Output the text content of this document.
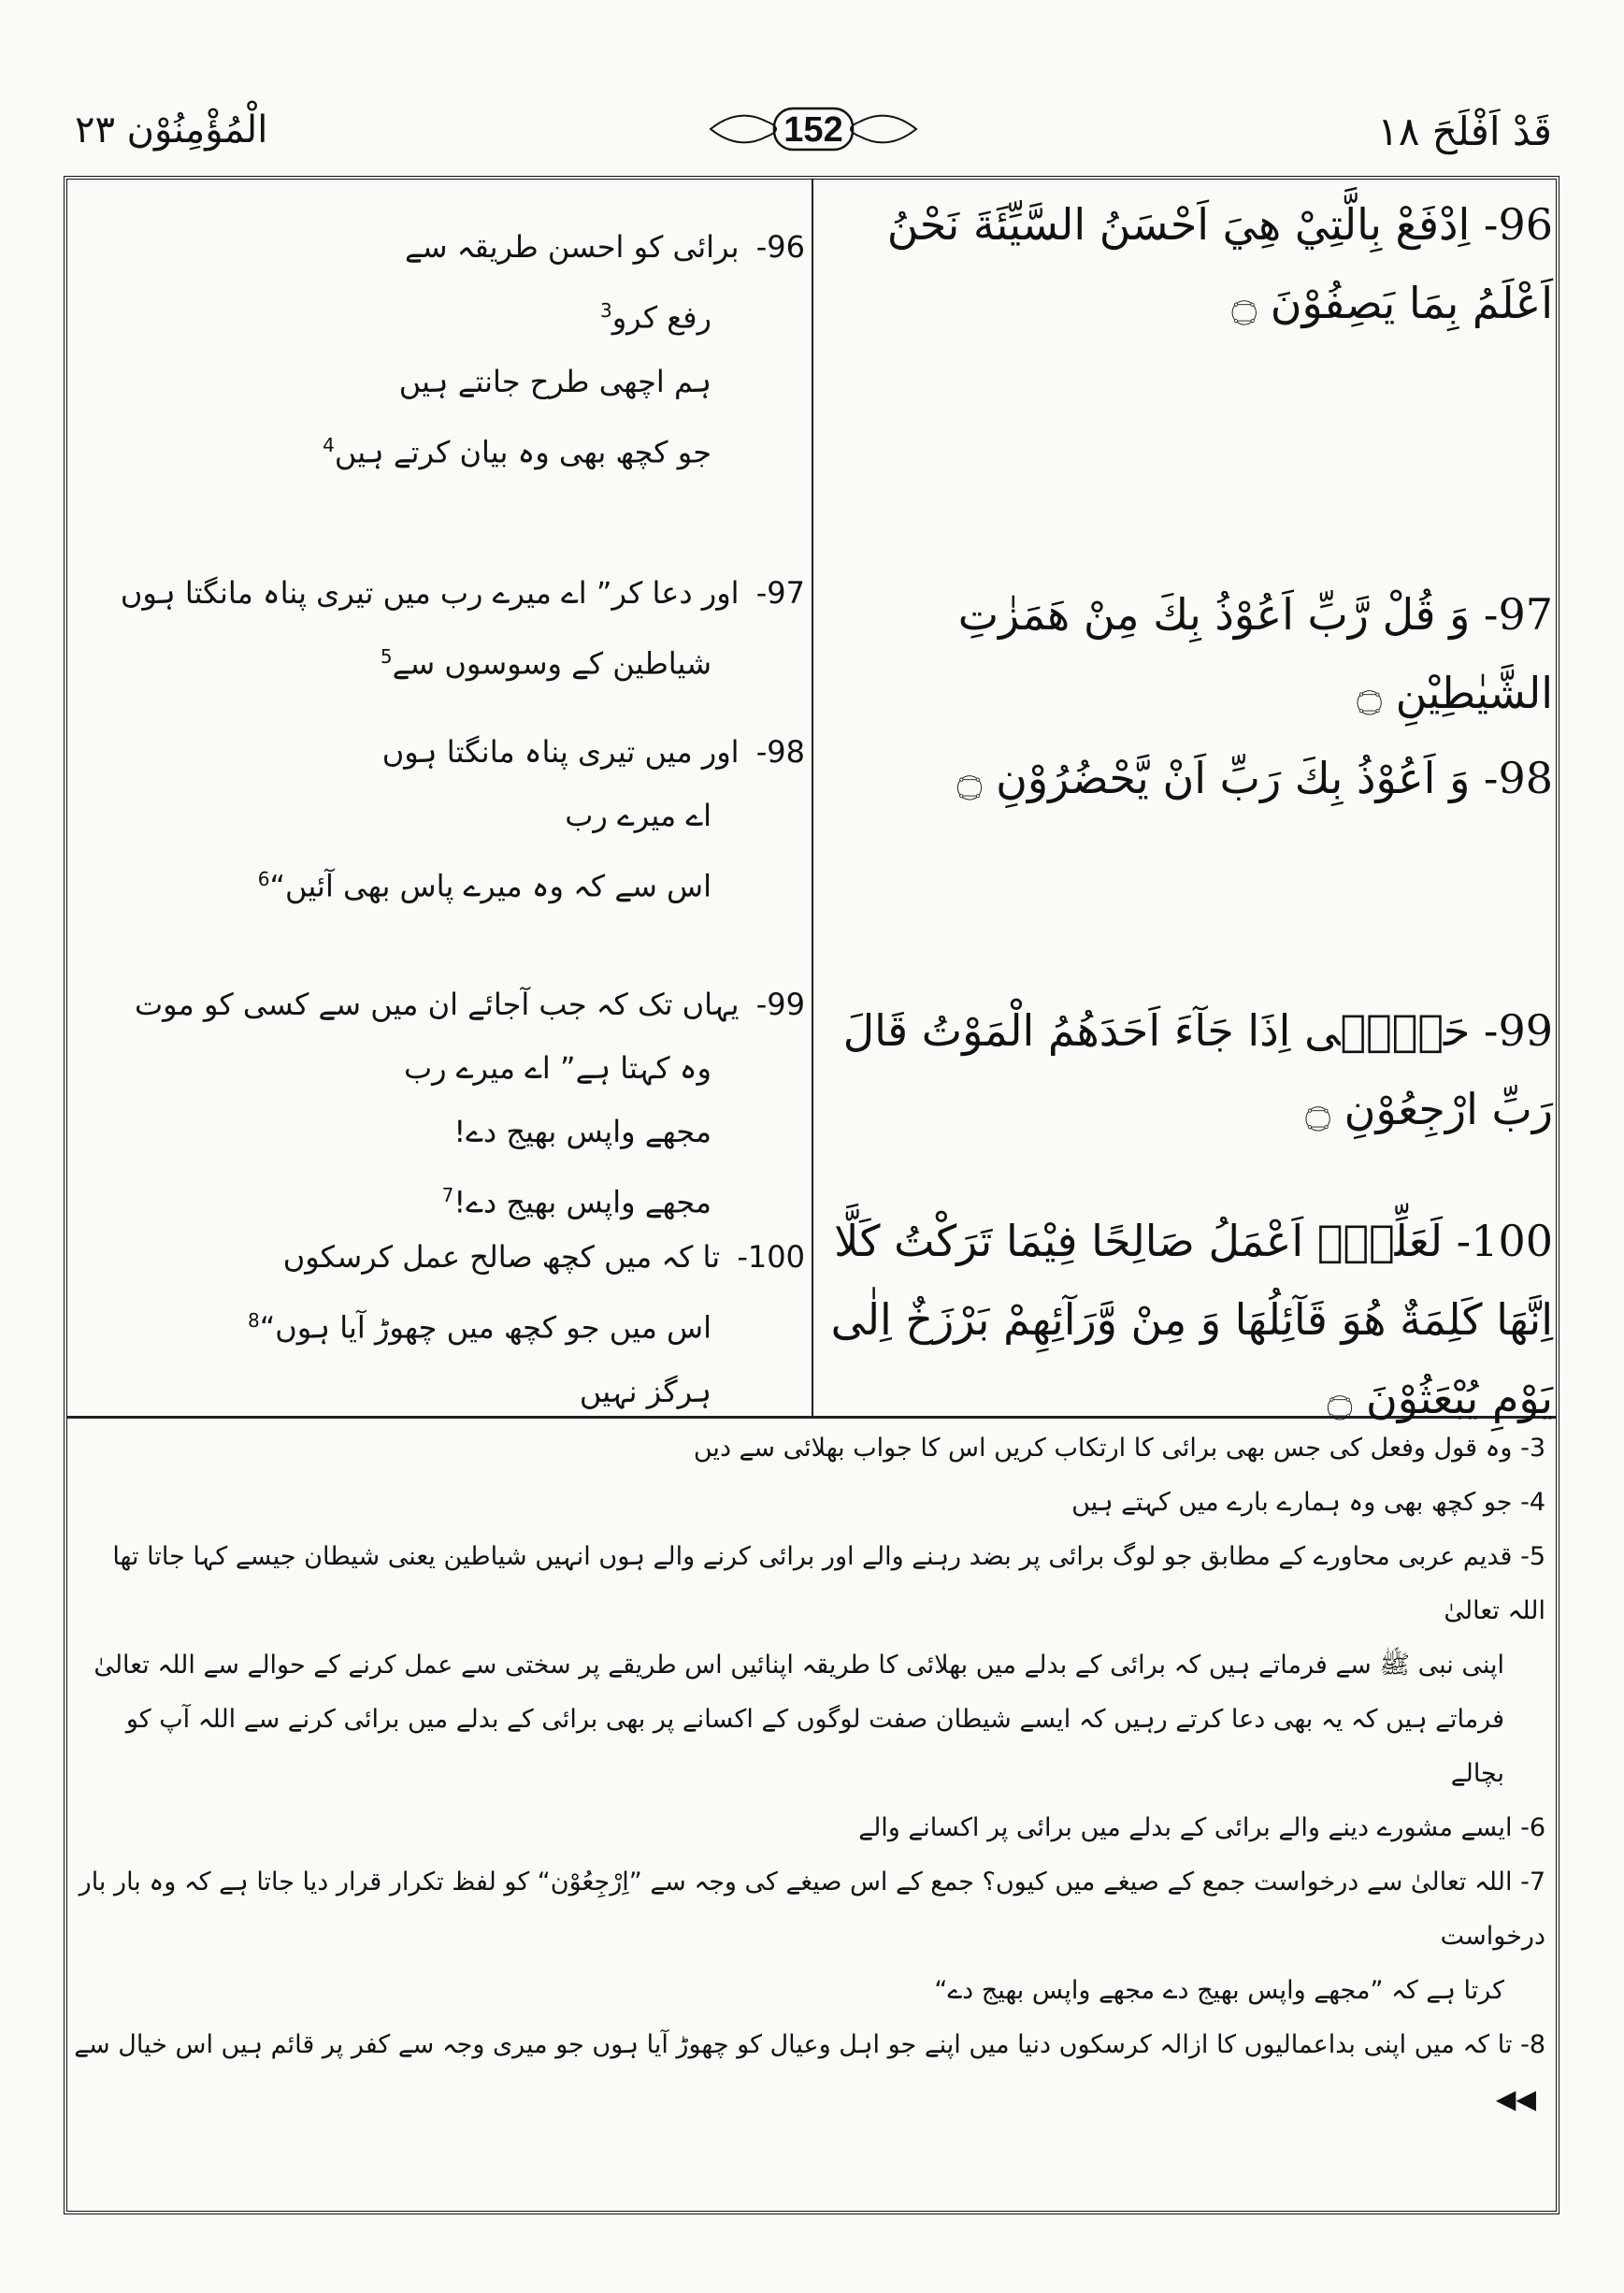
قَدْ اَفْلَحَ ١٨
152
الْمُؤْمِنُوْن ٢٣
96- اِدْفَعْ بِالَّتِيْ هِيَ اَحْسَنُ السَّيِّئَةَ نَحْنُ اَعْلَمُ بِمَا يَصِفُوْنَ ۝
97- وَ قُلْ رَّبِّ اَعُوْذُ بِكَ مِنْ هَمَزٰتِ الشَّيٰطِيْنِ ۝
98- وَ اَعُوْذُ بِكَ رَبِّ اَنْ يَّحْضُرُوْنِ ۝
99- حَتّٰۤى اِذَا جَآءَ اَحَدَهُمُ الْمَوْتُ قَالَ رَبِّ ارْجِعُوْنِ ۝
100- لَعَلِّيْۤ اَعْمَلُ صَالِحًا فِيْمَا تَرَكْتُ كَلَّا اِنَّهَا كَلِمَةٌ هُوَ قَآئِلُهَا وَ مِنْ وَّرَآئِهِمْ بَرْزَخٌ اِلٰى يَوْمِ يُبْعَثُوْنَ ۝
96- برائی کو احسن طریقہ سے
رفع کرو$^3$
ہم اچھی طرح جانتے ہیں
جو کچھ بھی وہ بیان کرتے ہیں$^4$
97- اور دعا کر” اے میرے رب میں تیری پناہ مانگتا ہوں
شیاطین کے وسوسوں سے$^5$
98- اور میں تیری پناہ مانگتا ہوں
اے میرے رب
اس سے کہ وہ میرے پاس بھی آئیں“$^6$
99- یہاں تک کہ جب آجائے ان میں سے کسی کو موت
وہ کہتا ہے” اے میرے رب
مجھے واپس بھیج دے!
مجھے واپس بھیج دے!$^7$
100- تا کہ میں کچھ صالح عمل کرسکوں
اس میں جو کچھ میں چھوڑ آیا ہوں“$^8$
ہرگز نہیں
3- وہ قول وفعل کی جس بھی برائی کا ارتکاب کریں اس کا جواب بھلائی سے دیں
4- جو کچھ بھی وہ ہمارے بارے میں کہتے ہیں
5- قدیم عربی محاورے کے مطابق جو لوگ برائی پر بضد رہنے والے اور برائی کرنے والے ہوں انہیں شیاطین یعنی شیطان جیسے کہا جاتا تھا اللہ تعالیٰ
اپنی نبی ﷺ سے فرماتے ہیں کہ برائی کے بدلے میں بھلائی کا طریقہ اپنائیں اس طریقے پر سختی سے عمل کرنے کے حوالے سے اللہ تعالیٰ
فرماتے ہیں کہ یہ بھی دعا کرتے رہیں کہ ایسے شیطان صفت لوگوں کے اکسانے پر بھی برائی کے بدلے میں برائی کرنے سے اللہ آپ کو بچالے
6- ایسے مشورے دینے والے برائی کے بدلے میں برائی پر اکسانے والے
7- اللہ تعالیٰ سے درخواست جمع کے صیغے میں کیوں؟ جمع کے اس صیغے کی وجہ سے ”اِرْجِعُوْن“ کو لفظ تکرار قرار دیا جاتا ہے کہ وہ بار بار درخواست
کرتا ہے کہ ”مجھے واپس بھیج دے مجھے واپس بھیج دے“
8- تا کہ میں اپنی بداعمالیوں کا ازالہ کرسکوں دنیا میں اپنے جو اہل وعیال کو چھوڑ آیا ہوں جو میری وجہ سے کفر پر قائم ہیں اس خیال سے ◀◀
